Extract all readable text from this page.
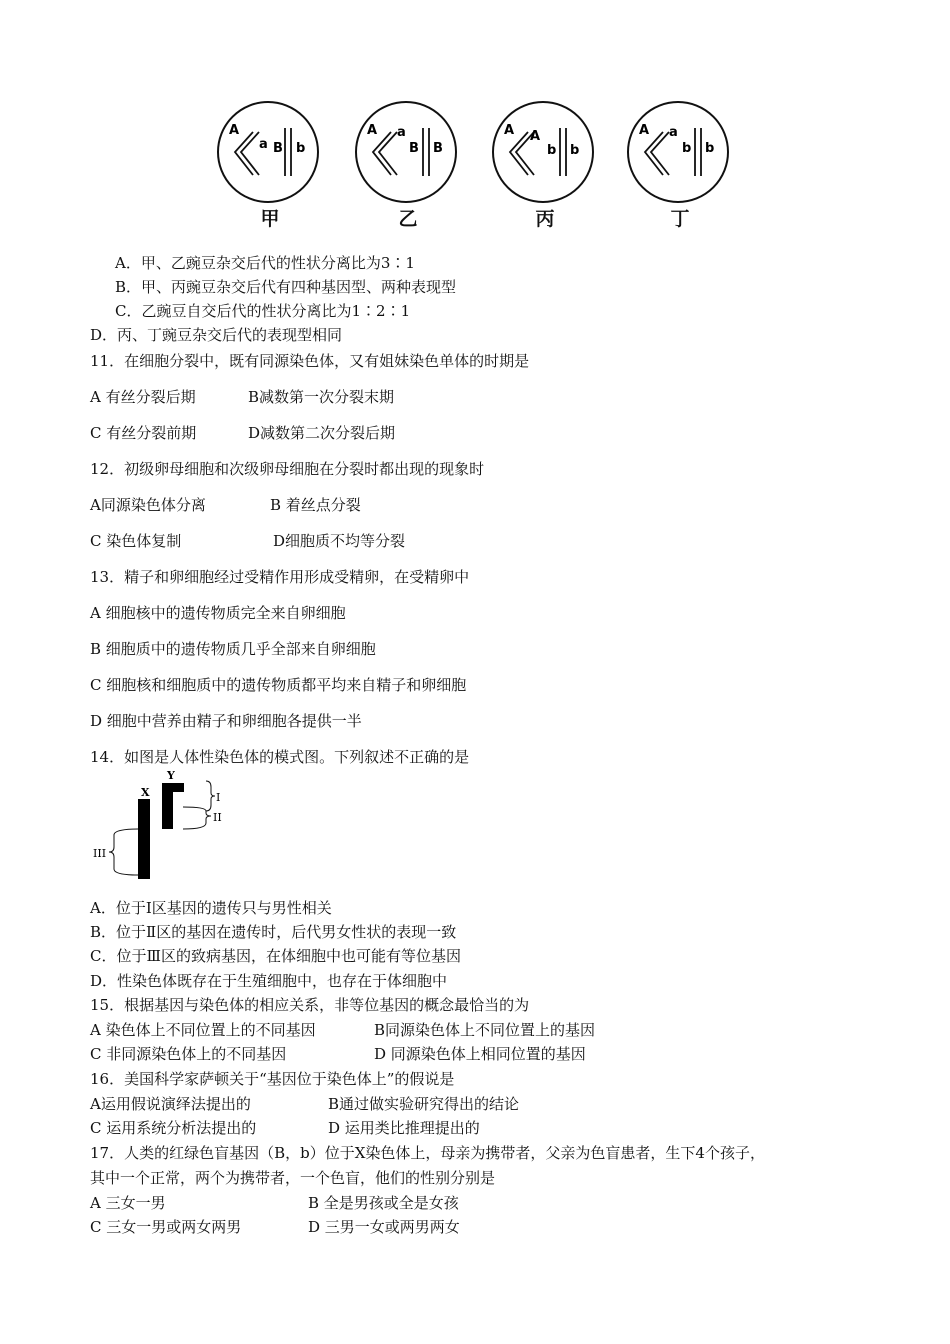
A
a B b
甲
A a
B B
乙
A A
b b
丙
A a
b b
丁
A．甲、乙豌豆杂交后代的性状分离比为3∶1
B．甲、丙豌豆杂交后代有四种基因型、两种表现型
C．乙豌豆自交后代的性状分离比为1∶2∶1
D．丙、丁豌豆杂交后代的表现型相同
11．在细胞分裂中，既有同源染色体，又有姐妹染色单体的时期是
A 有丝分裂后期	B减数第一次分裂末期
C 有丝分裂前期	D减数第二次分裂后期
12．初级卵母细胞和次级卵母细胞在分裂时都出现的现象时
A同源染色体分离	B 着丝点分裂
C 染色体复制	D细胞质不均等分裂
13．精子和卵细胞经过受精作用形成受精卵，在受精卵中
A 细胞核中的遗传物质完全来自卵细胞
B 细胞质中的遗传物质几乎全部来自卵细胞
C 细胞核和细胞质中的遗传物质都平均来自精子和卵细胞
D 细胞中营养由精子和卵细胞各提供一半
14．如图是人体性染色体的模式图。下列叙述不正确的是
X
Y
I
II
III
A．位于Ⅰ区基因的遗传只与男性相关
B．位于Ⅱ区的基因在遗传时，后代男女性状的表现一致
C．位于Ⅲ区的致病基因，在体细胞中也可能有等位基因
D．性染色体既存在于生殖细胞中，也存在于体细胞中
15．根据基因与染色体的相应关系，非等位基因的概念最恰当的为
A 染色体上不同位置上的不同基因	B同源染色体上不同位置上的基因
C 非同源染色体上的不同基因	D 同源染色体上相同位置的基因
16．美国科学家萨顿关于“基因位于染色体上”的假说是
A运用假说演绎法提出的	B通过做实验研究得出的结论
C 运用系统分析法提出的	D 运用类比推理提出的
17．人类的红绿色盲基因（B，b）位于X染色体上，母亲为携带者，父亲为色盲患者，生下4个孩子，
其中一个正常，两个为携带者，一个色盲，他们的性别分别是
A 三女一男	B 全是男孩或全是女孩
C 三女一男或两女两男	D 三男一女或两男两女
